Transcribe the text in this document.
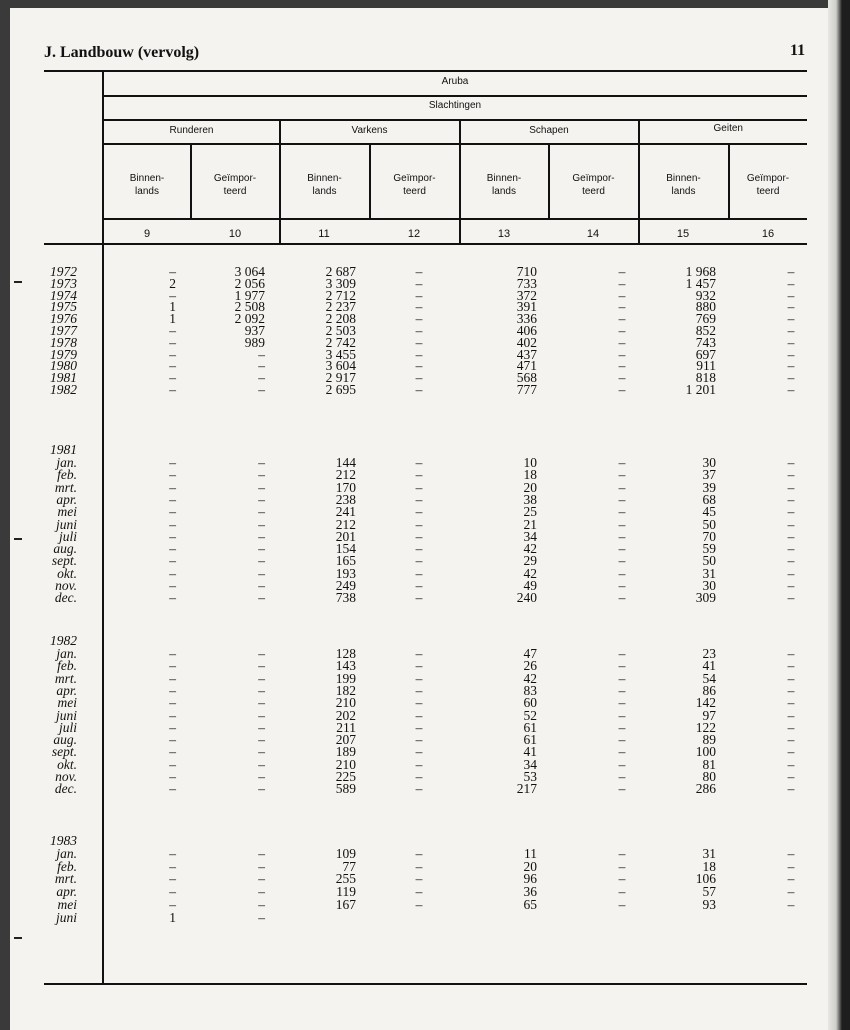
J. Landbouw (vervolg)	11
Aruba
Slachtingen
Runderen	Varkens	Schapen	Geiten
Binnen-
lands
Geïmpor-
teerd
Binnen-
lands
Geïmpor-
teerd
Binnen-
lands
Geïmpor-
teerd
Binnen-
lands
Geïmpor-
teerd
9	10	11	12	13	14	15	16
1972	–	3 064	2 687	–	710	–	1 968	–
1973	2	2 056	3 309	–	733	–	1 457	–
1974	–	1 977	2 712	–	372	–	932	–
1975	1	2 508	2 237	–	391	–	880	–
1976	1	2 092	2 208	–	336	–	769	–
1977	–	937	2 503	–	406	–	852	–
1978	–	989	2 742	–	402	–	743	–
1979	–	–	3 455	–	437	–	697	–
1980	–	–	3 604	–	471	–	911	–
1981	–	–	2 917	–	568	–	818	–
1982	–	–	2 695	–	777	–	1 201	–
1981
jan.	–	–	144	–	10	–	30	–
feb.	–	–	212	–	18	–	37	–
mrt.	–	–	170	–	20	–	39	–
apr.	–	–	238	–	38	–	68	–
mei	–	–	241	–	25	–	45	–
juni	–	–	212	–	21	–	50	–
juli	–	–	201	–	34	–	70	–
aug.	–	–	154	–	42	–	59	–
sept.	–	–	165	–	29	–	50	–
okt.	–	–	193	–	42	–	31	–
nov.	–	–	249	–	49	–	30	–
dec.	–	–	738	–	240	–	309	–
1982
jan.	–	–	128	–	47	–	23	–
feb.	–	–	143	–	26	–	41	–
mrt.	–	–	199	–	42	–	54	–
apr.	–	–	182	–	83	–	86	–
mei	–	–	210	–	60	–	142	–
juni	–	–	202	–	52	–	97	–
juli	–	–	211	–	61	–	122	–
aug.	–	–	207	–	61	–	89	–
sept.	–	–	189	–	41	–	100	–
okt.	–	–	210	–	34	–	81	–
nov.	–	–	225	–	53	–	80	–
dec.	–	–	589	–	217	–	286	–
1983
jan.	–	–	109	–	11	–	31	–
feb.	–	–	77	–	20	–	18	–
mrt.	–	–	255	–	96	–	106	–
apr.	–	–	119	–	36	–	57	–
mei	–	–	167	–	65	–	93	–
juni	1	–
